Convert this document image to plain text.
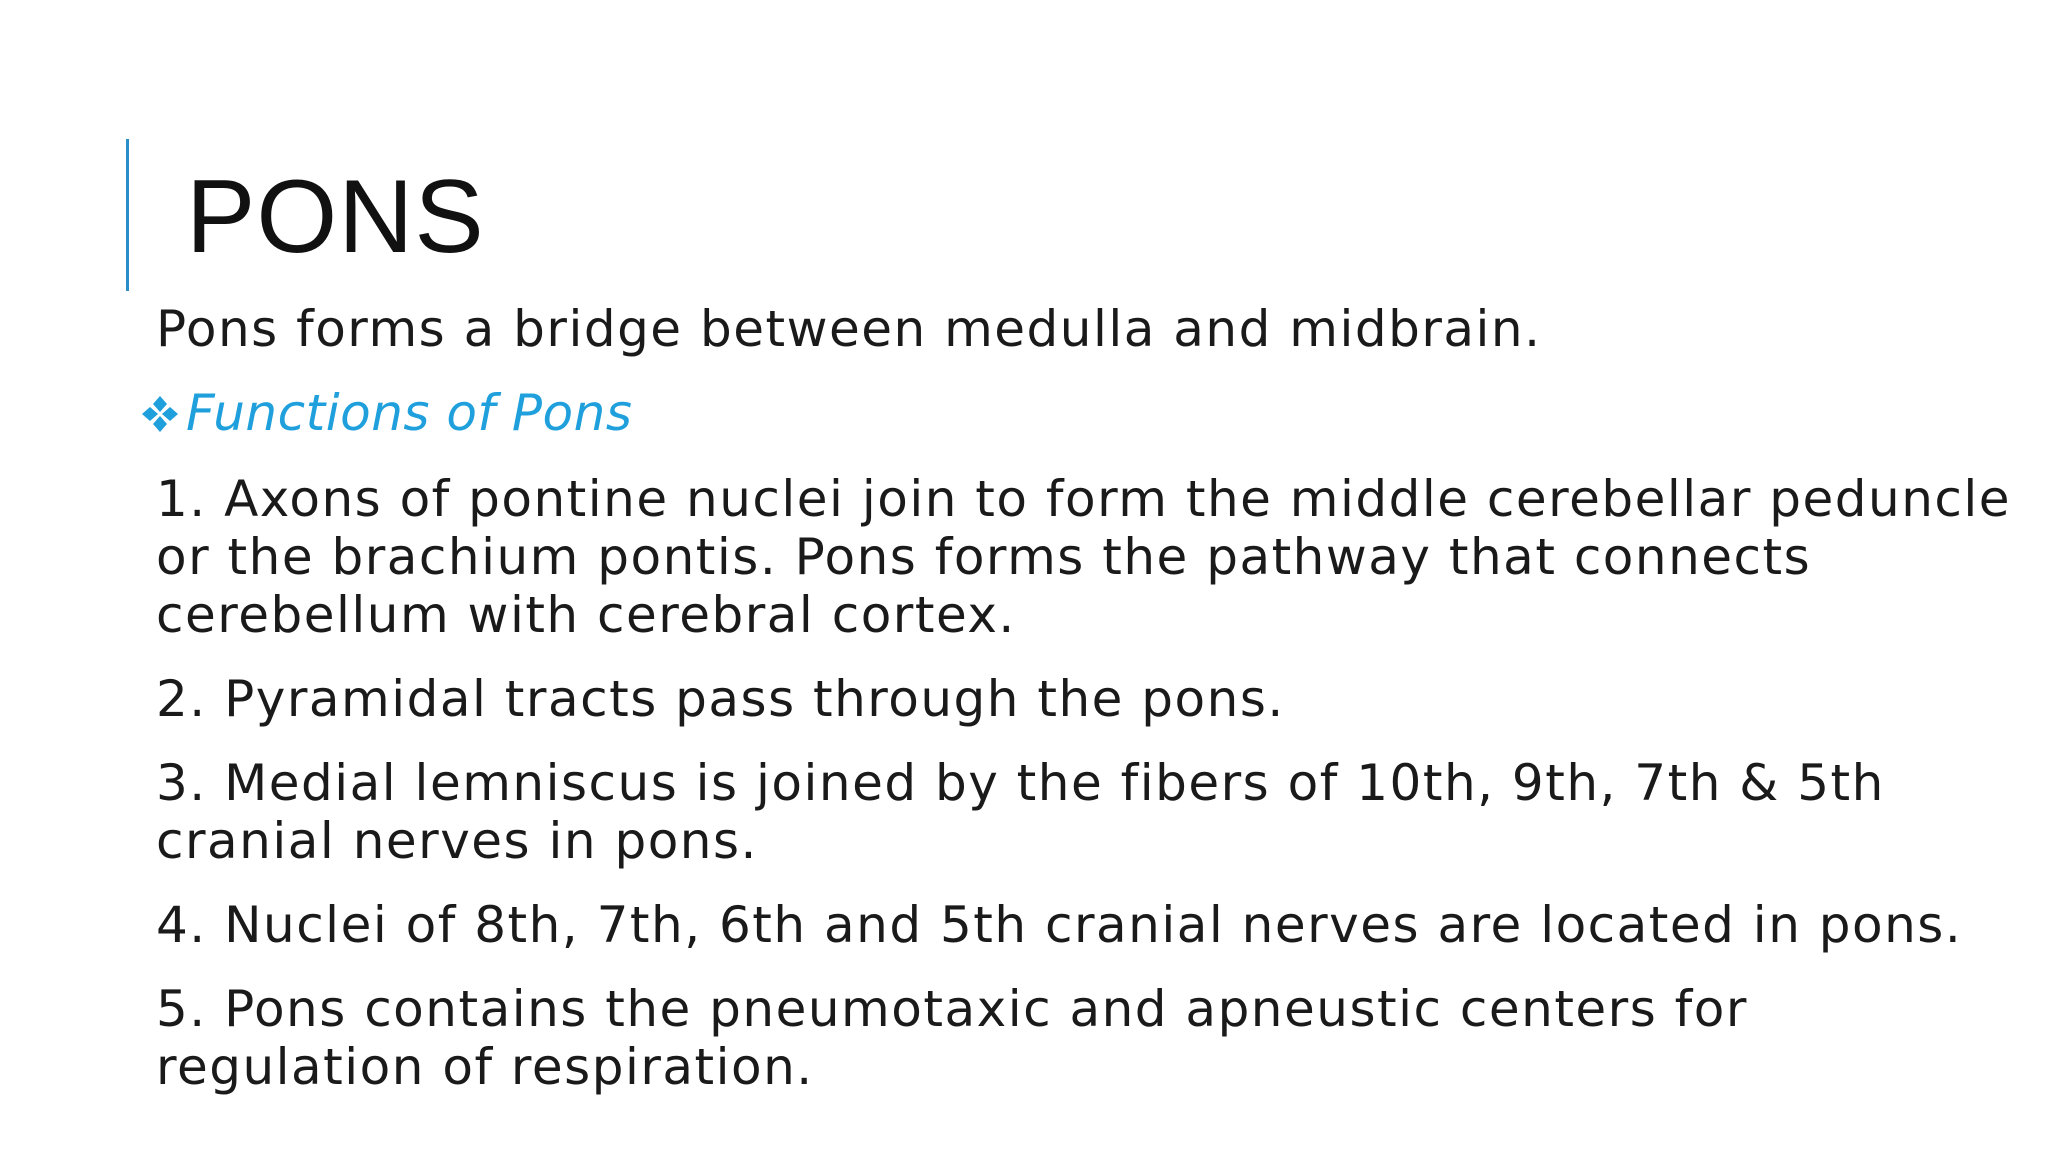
PONS

Pons forms a bridge between medulla and midbrain.

Functions of Pons

1. Axons of pontine nuclei join to form the middle cerebellar peduncle or the brachium pontis. Pons forms the pathway that connects cerebellum with cerebral cortex.

2. Pyramidal tracts pass through the pons.

3. Medial lemniscus is joined by the fibers of 10th, 9th, 7th & 5th cranial nerves in pons.

4. Nuclei of 8th, 7th, 6th and 5th cranial nerves are located in pons.

5. Pons contains the pneumotaxic and apneustic centers for regulation of respiration.
